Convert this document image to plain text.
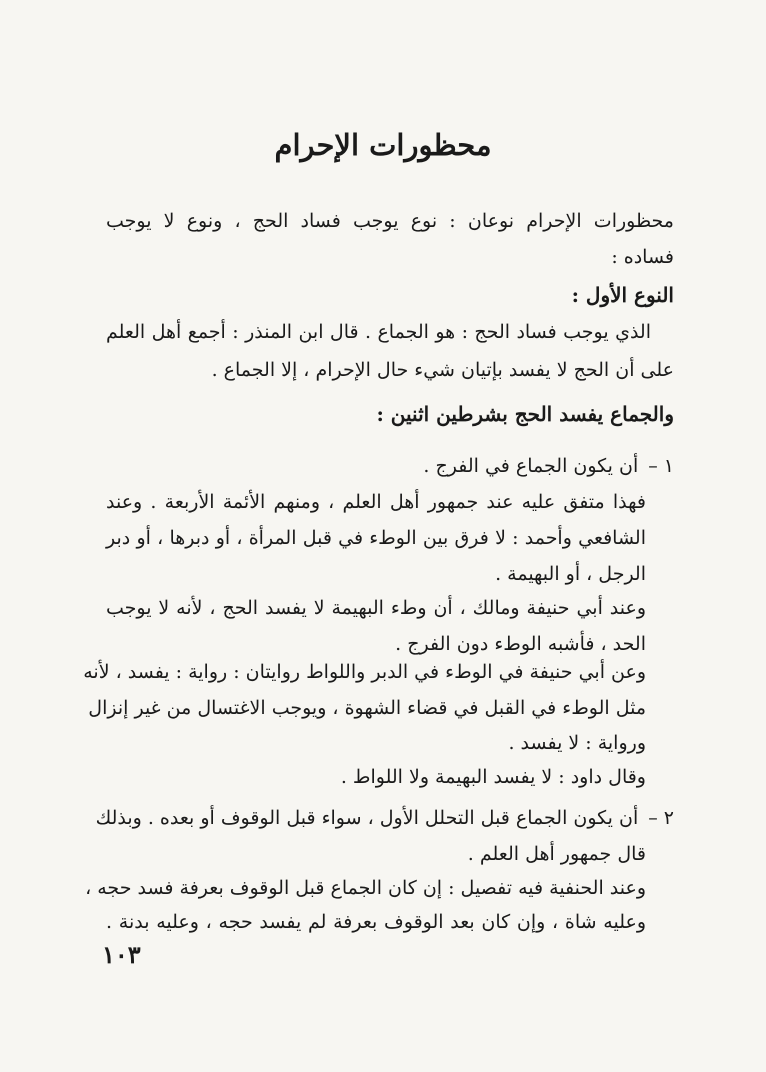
محظورات الإحرام

محظورات الإحرام نوعان : نوع يوجب فساد الحج ، ونوع لا يوجب

فساده :

النوع الأول :

الذي يوجب فساد الحج : هو الجماع . قال ابن المنذر : أجمع أهل العلم

على أن الحج لا يفسد بإتيان شيء حال الإحرام ، إلا الجماع .

والجماع يفسد الحج بشرطين اثنين :

١ –أن يكون الجماع في الفرج .

فهذا متفق عليه عند جمهور أهل العلم ، ومنهم الأئمة الأربعة . وعند

الشافعي وأحمد : لا فرق بين الوطء في قبل المرأة ، أو دبرها ، أو دبر

الرجل ، أو البهيمة .

وعند أبي حنيفة ومالك ، أن وطء البهيمة لا يفسد الحج ، لأنه لا يوجب

الحد ، فأشبه الوطء دون الفرج .

وعن أبي حنيفة في الوطء في الدبر واللواط روايتان : رواية : يفسد ، لأنه

مثل الوطء في القبل في قضاء الشهوة ، ويوجب الاغتسال من غير إنزال

ورواية : لا يفسد .

وقال داود : لا يفسد البهيمة ولا اللواط .

٢ –أن يكون الجماع قبل التحلل الأول ، سواء قبل الوقوف أو بعده . وبذلك

قال جمهور أهل العلم .

وعند الحنفية فيه تفصيل : إن كان الجماع قبل الوقوف بعرفة فسد حجه ،

وعليه شاة ، وإن كان بعد الوقوف بعرفة لم يفسد حجه ، وعليه بدنة .

١٠٣
